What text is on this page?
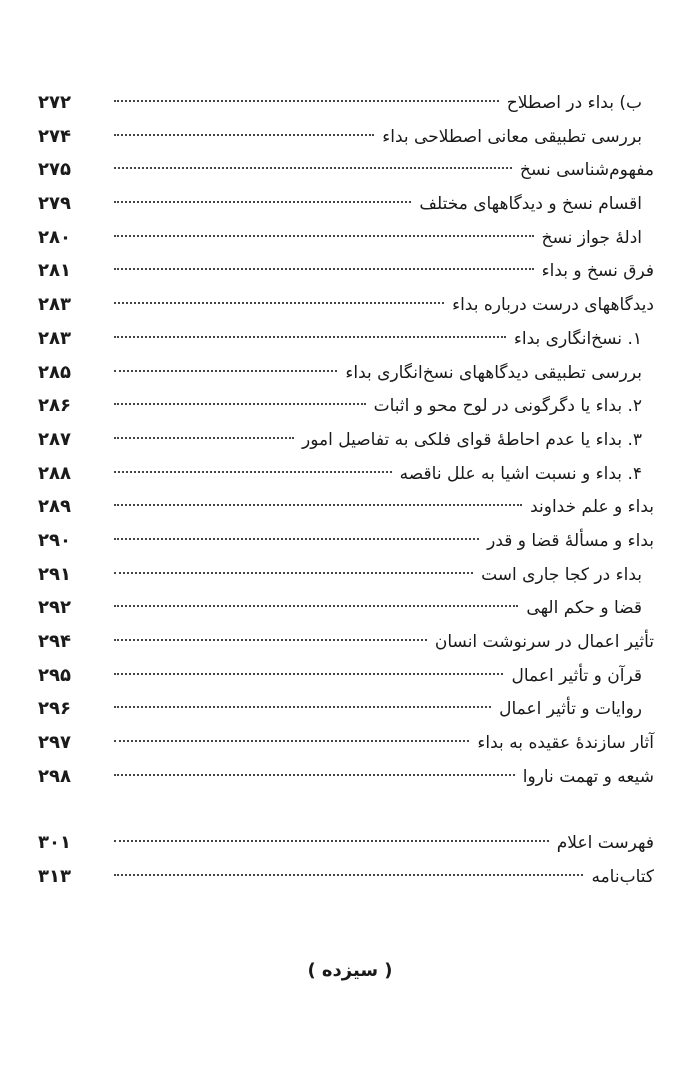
ب) بداء در اصطلاح
۲۷۲
بررسی تطبیقی معانی اصطلاحی بداء
۲۷۴
مفهوم‌شناسی نسخ
۲۷۵
اقسام نسخ و دیدگاههای مختلف
۲۷۹
ادلهٔ جواز نسخ
۲۸۰
فرق نسخ و بداء
۲۸۱
دیدگاههای درست درباره بداء
۲۸۳
۱. نسخ‌انگاری بداء
۲۸۳
بررسی تطبیقی دیدگاههای نسخ‌انگاری بداء
۲۸۵
۲. بداء یا دگرگونی در لوح محو و اثبات
۲۸۶
۳. بداء یا عدم احاطهٔ قوای فلکی به تفاصیل امور
۲۸۷
۴. بداء و نسبت اشیا به علل ناقصه
۲۸۸
بداء و علم خداوند
۲۸۹
بداء و مسألهٔ قضا و قدر
۲۹۰
بداء در کجا جاری است
۲۹۱
قضا و حکم الهی
۲۹۲
تأثیر اعمال در سرنوشت انسان
۲۹۴
قرآن و تأثیر اعمال
۲۹۵
روایات و تأثیر اعمال
۲۹۶
آثار سازندهٔ عقیده به بداء
۲۹۷
شیعه و تهمت ناروا
۲۹۸
فهرست اعلام
۳۰۱
کتاب‌نامه
۳۱۳
( سیزده )
